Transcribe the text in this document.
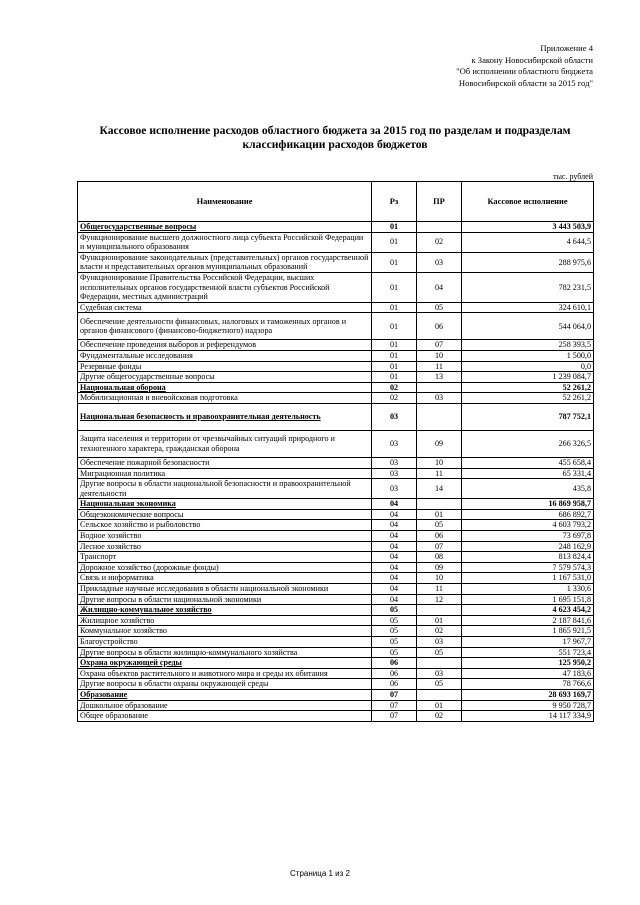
Приложение 4
к Закону Новосибирской области
"Об исполнении областного бюджета
Новосибирской области за 2015 год"
Кассовое исполнение расходов областного бюджета за 2015 год по разделам и подразделам
классификации расходов бюджетов
тыс. рублей
Наименование	Рз	ПР	Кассовое исполнение
Общегосударственные вопросы	01		3 443 503,9
Функционирование высшего должностного лица субъекта Российской Федерации и муниципального образования	01	02	4 644,5
Функционирование законодательных (представительных) органов государственной власти и представительных органов муниципальных образований	01	03	288 975,6
Функционирование Правительства Российской Федерации, высших исполнительных органов государственной власти субъектов Российской Федерации, местных администраций	01	04	782 231,5
Судебная система	01	05	324 610,1
Обеспечение деятельности финансовых, налоговых и таможенных органов и органов финансового (финансово-бюджетного) надзора	01	06	544 064,0
Обеспечение проведения выборов и референдумов	01	07	258 393,5
Фундаментальные исследования	01	10	1 500,0
Резервные фонды	01	11	0,0
Другие общегосударственные вопросы	01	13	1 239 084,7
Национальная оборона	02		52 261,2
Мобилизационная и вневойсковая подготовка	02	03	52 261,2
Национальная безопасность и правоохранительная деятельность	03		787 752,1
Защита населения и территории от чрезвычайных ситуаций природного и техногенного характера, гражданская оборона	03	09	266 326,5
Обеспечение пожарной безопасности	03	10	455 658,4
Миграционная политика	03	11	65 331,4
Другие вопросы в области национальной безопасности и правоохранительной деятельности	03	14	435,8
Национальная экономика	04		16 869 958,7
Общеэкономические вопросы	04	01	686 892,7
Сельское хозяйство и рыболовство	04	05	4 603 793,2
Водное хозяйство	04	06	73 697,8
Лесное хозяйство	04	07	248 162,9
Транспорт	04	08	813 824,4
Дорожное хозяйство (дорожные фонды)	04	09	7 579 574,3
Связь и информатика	04	10	1 167 531,0
Прикладные научные исследования в области национальной экономики	04	11	1 330,6
Другие вопросы в области национальной экономики	04	12	1 695 151,8
Жилищно-коммунальное хозяйство	05		4 623 454,2
Жилищное хозяйство	05	01	2 187 841,6
Коммунальное хозяйство	05	02	1 865 921,5
Благоустройство	05	03	17 967,7
Другие вопросы в области жилищно-коммунального хозяйства	05	05	551 723,4
Охрана окружающей среды	06		125 950,2
Охрана объектов растительного и животного мира и среды их обитания	06	03	47 183,6
Другие вопросы в области охраны окружающей среды	06	05	78 766,6
Образование	07		28 693 169,7
Дошкольное образование	07	01	9 950 728,7
Общее образование	07	02	14 117 334,9
Страница 1 из 2
